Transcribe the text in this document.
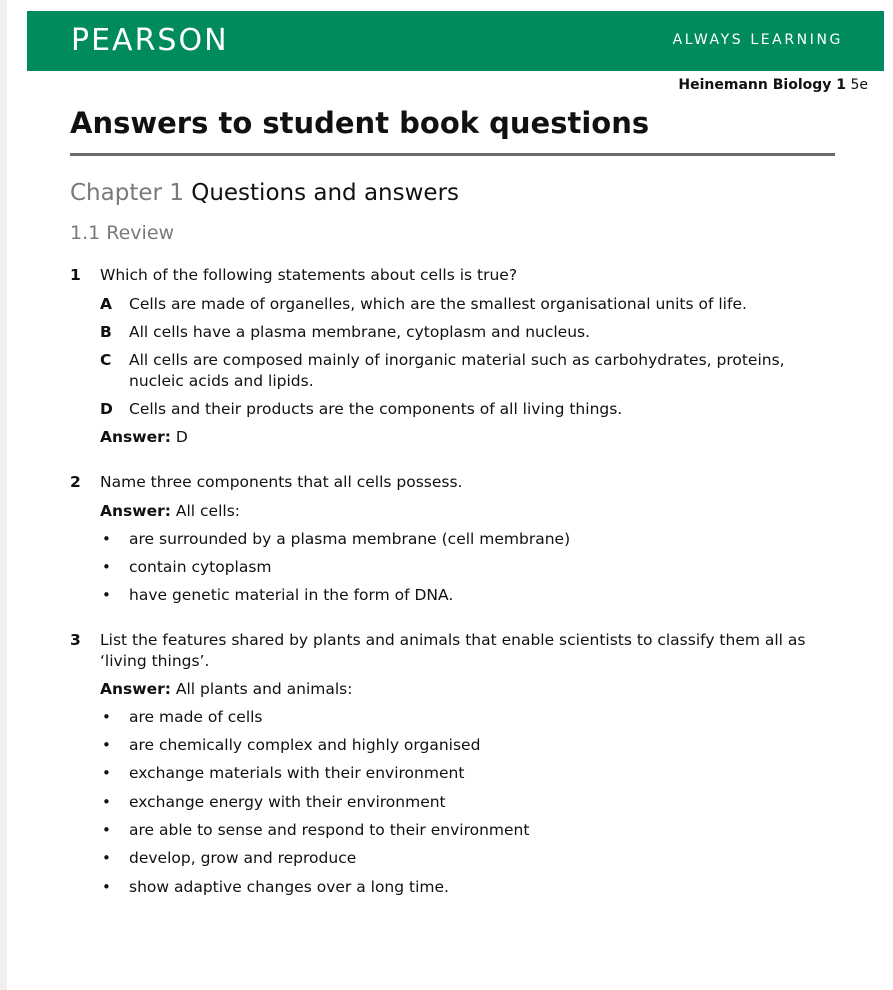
PEARSON	ALWAYS LEARNING
Heinemann Biology 1 5e
Answers to student book questions
Chapter 1 Questions and answers
1.1 Review
1 Which of the following statements about cells is true?
A Cells are made of organelles, which are the smallest organisational units of life.
B All cells have a plasma membrane, cytoplasm and nucleus.
C All cells are composed mainly of inorganic material such as carbohydrates, proteins,
nucleic acids and lipids.
D Cells and their products are the components of all living things.
Answer: D
2 Name three components that all cells possess.
Answer: All cells:
• are surrounded by a plasma membrane (cell membrane)
• contain cytoplasm
• have genetic material in the form of DNA.
3 List the features shared by plants and animals that enable scientists to classify them all as
‘living things’.
Answer: All plants and animals:
• are made of cells
• are chemically complex and highly organised
• exchange materials with their environment
• exchange energy with their environment
• are able to sense and respond to their environment
• develop, grow and reproduce
• show adaptive changes over a long time.
